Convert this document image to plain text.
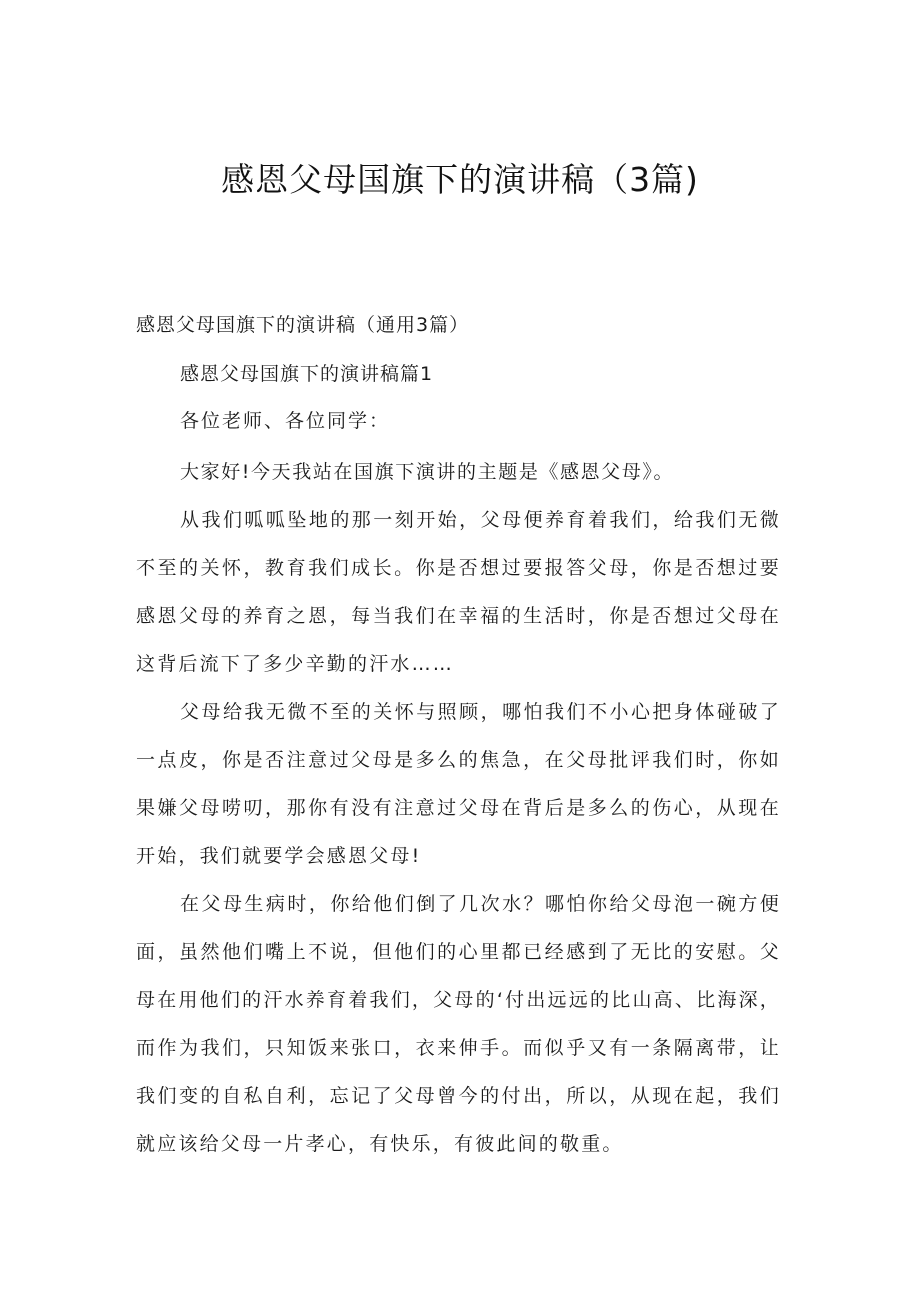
感恩父母国旗下的演讲稿（3篇)
感恩父母国旗下的演讲稿（通用3篇）
感恩父母国旗下的演讲稿篇1
各位老师、各位同学：
大家好!今天我站在国旗下演讲的主题是《感恩父母》。
从我们呱呱坠地的那一刻开始，父母便养育着我们，给我们无微不至的关怀，教育我们成长。你是否想过要报答父母，你是否想过要感恩父母的养育之恩，每当我们在幸福的生活时，你是否想过父母在这背后流下了多少辛勤的汗水……
父母给我无微不至的关怀与照顾，哪怕我们不小心把身体碰破了一点皮，你是否注意过父母是多么的焦急，在父母批评我们时，你如果嫌父母唠叨，那你有没有注意过父母在背后是多么的伤心，从现在开始，我们就要学会感恩父母!
在父母生病时，你给他们倒了几次水？哪怕你给父母泡一碗方便面，虽然他们嘴上不说，但他们的心里都已经感到了无比的安慰。父母在用他们的汗水养育着我们，父母的‘付出远远的比山高、比海深，而作为我们，只知饭来张口，衣来伸手。而似乎又有一条隔离带，让我们变的自私自利，忘记了父母曾今的付出，所以，从现在起，我们就应该给父母一片孝心，有快乐，有彼此间的敬重。
